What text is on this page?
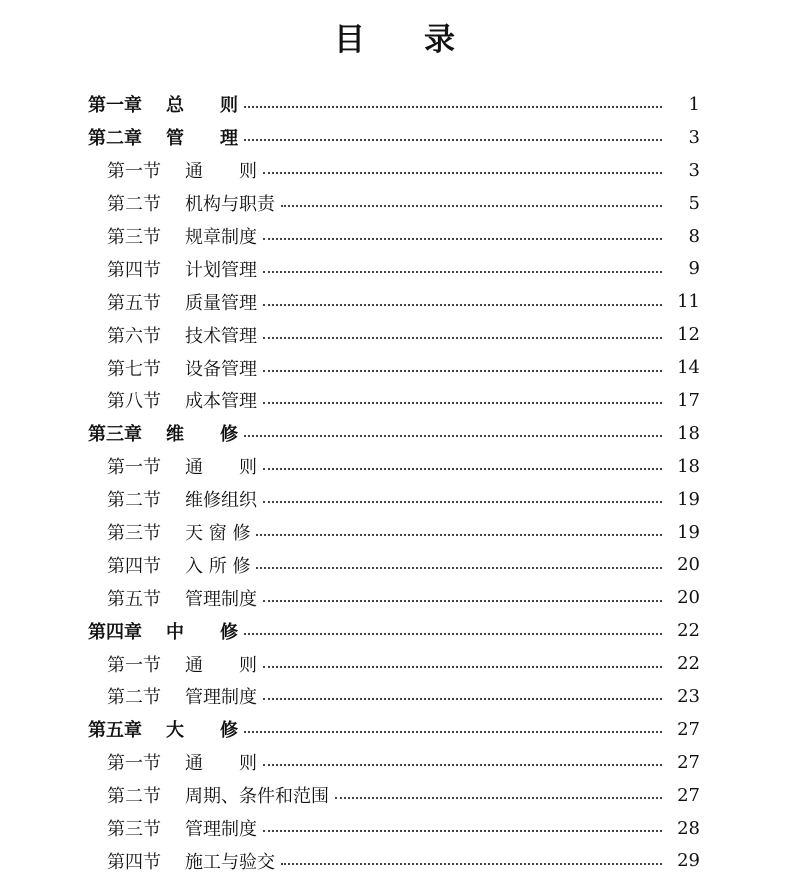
目 录
第一章 总　　则	1
第二章 管　　理	3
第一节 通　　则	3
第二节 机构与职责	5
第三节 规章制度	8
第四节 计划管理	9
第五节 质量管理	11
第六节 技术管理	12
第七节 设备管理	14
第八节 成本管理	17
第三章 维　　修	18
第一节 通　　则	18
第二节 维修组织	19
第三节 天 窗 修	19
第四节 入 所 修	20
第五节 管理制度	20
第四章 中　　修	22
第一节 通　　则	22
第二节 管理制度	23
第五章 大　　修	27
第一节 通　　则	27
第二节 周期、条件和范围	27
第三节 管理制度	28
第四节 施工与验交	29
